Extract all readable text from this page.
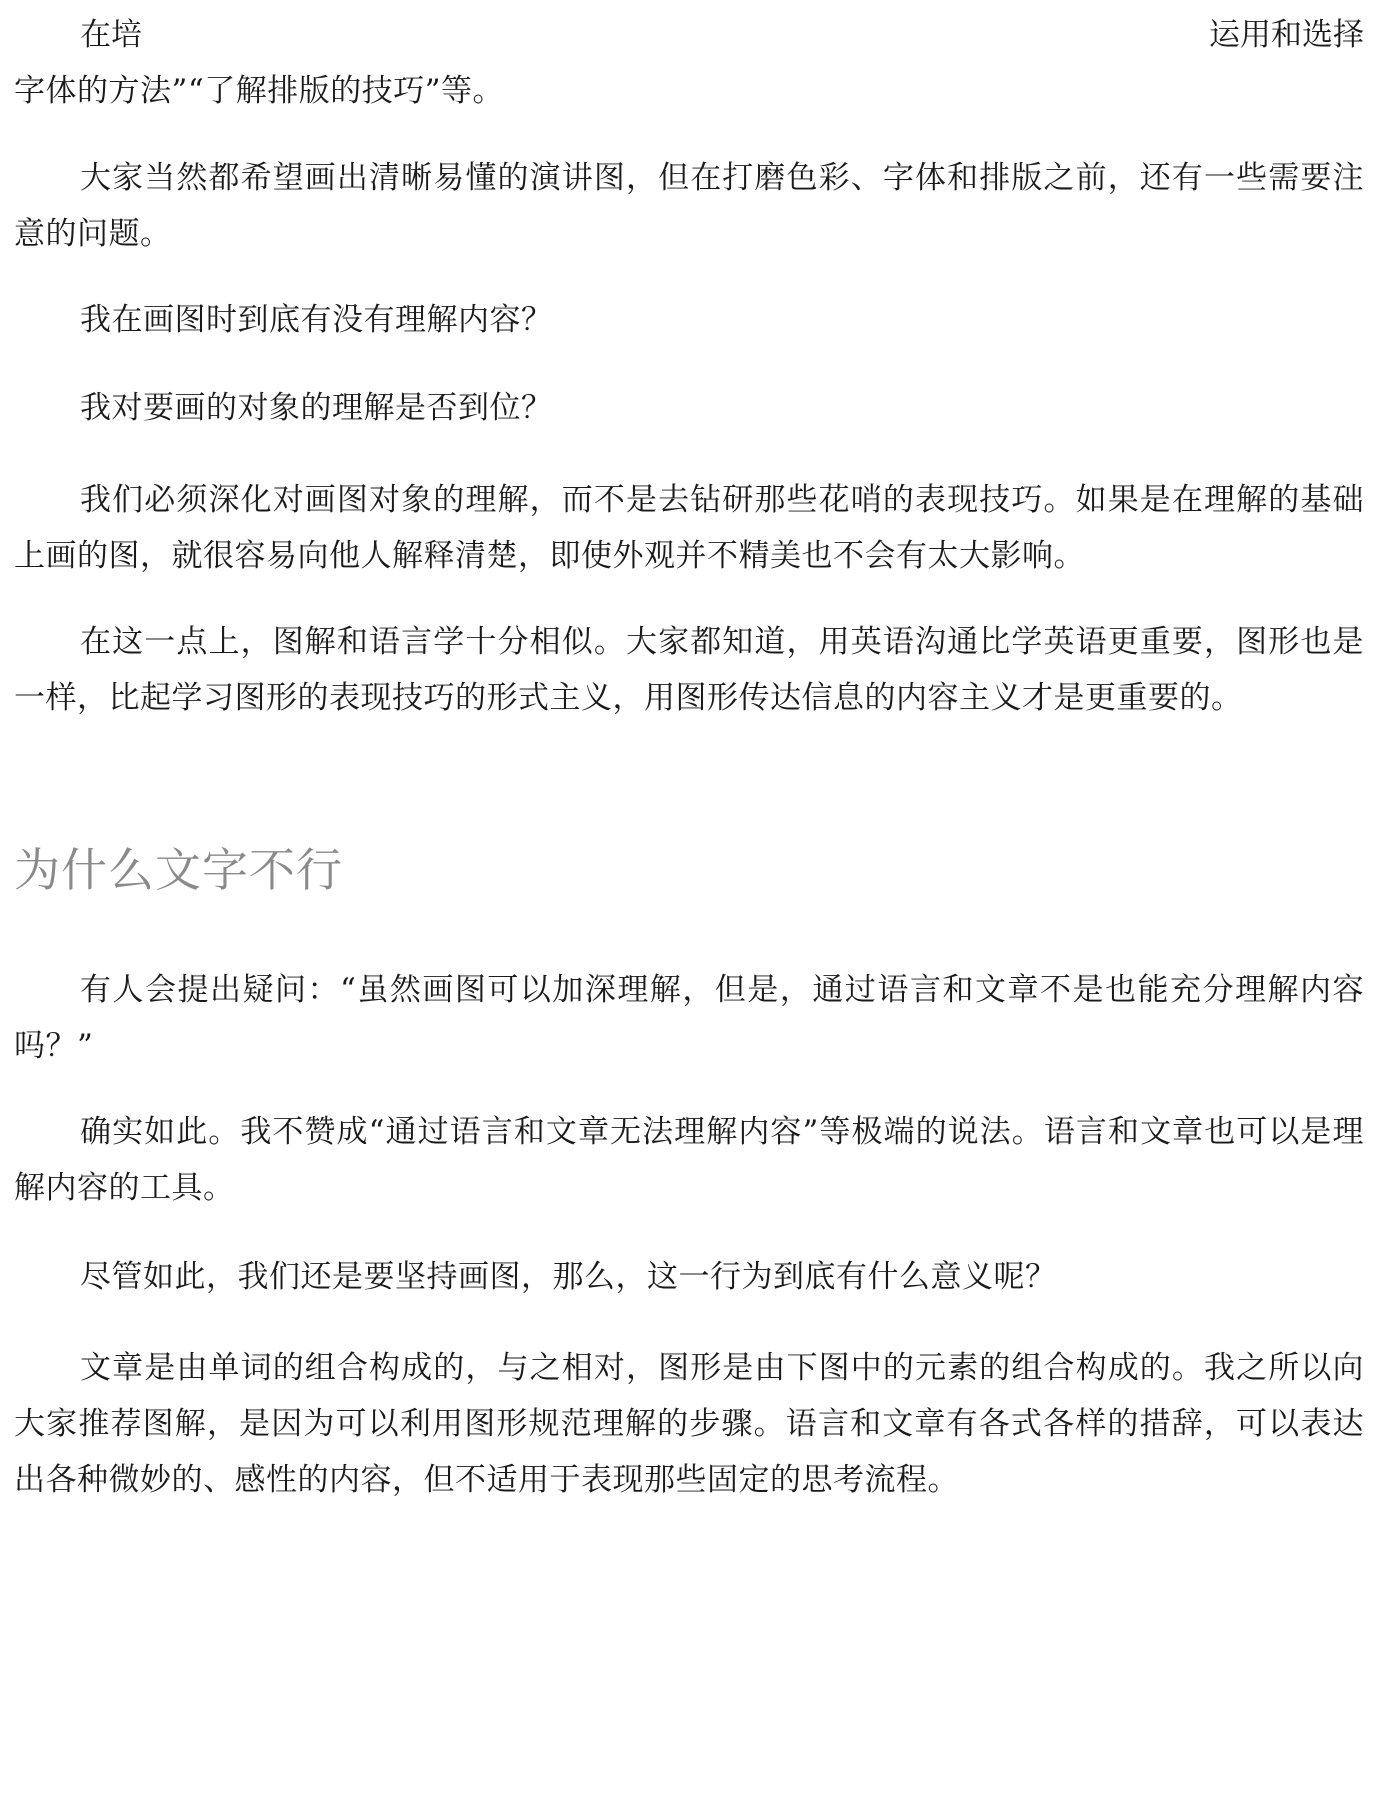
在培	运用和选择

字体的方法”“了解排版的技巧”等。

大家当然都希望画出清晰易懂的演讲图，但在打磨色彩、字体和排版之前，还有一些需要注意的问题。

我在画图时到底有没有理解内容？

我对要画的对象的理解是否到位？

我们必须深化对画图对象的理解，而不是去钻研那些花哨的表现技巧。如果是在理解的基础上画的图，就很容易向他人解释清楚，即使外观并不精美也不会有太大影响。

在这一点上，图解和语言学十分相似。大家都知道，用英语沟通比学英语更重要，图形也是一样，比起学习图形的表现技巧的形式主义，用图形传达信息的内容主义才是更重要的。

为什么文字不行

有人会提出疑问：“虽然画图可以加深理解，但是，通过语言和文章不是也能充分理解内容吗？”

确实如此。我不赞成“通过语言和文章无法理解内容”等极端的说法。语言和文章也可以是理解内容的工具。

尽管如此，我们还是要坚持画图，那么，这一行为到底有什么意义呢？

文章是由单词的组合构成的，与之相对，图形是由下图中的元素的组合构成的。我之所以向大家推荐图解，是因为可以利用图形规范理解的步骤。语言和文章有各式各样的措辞，可以表达出各种微妙的、感性的内容，但不适用于表现那些固定的思考流程。
